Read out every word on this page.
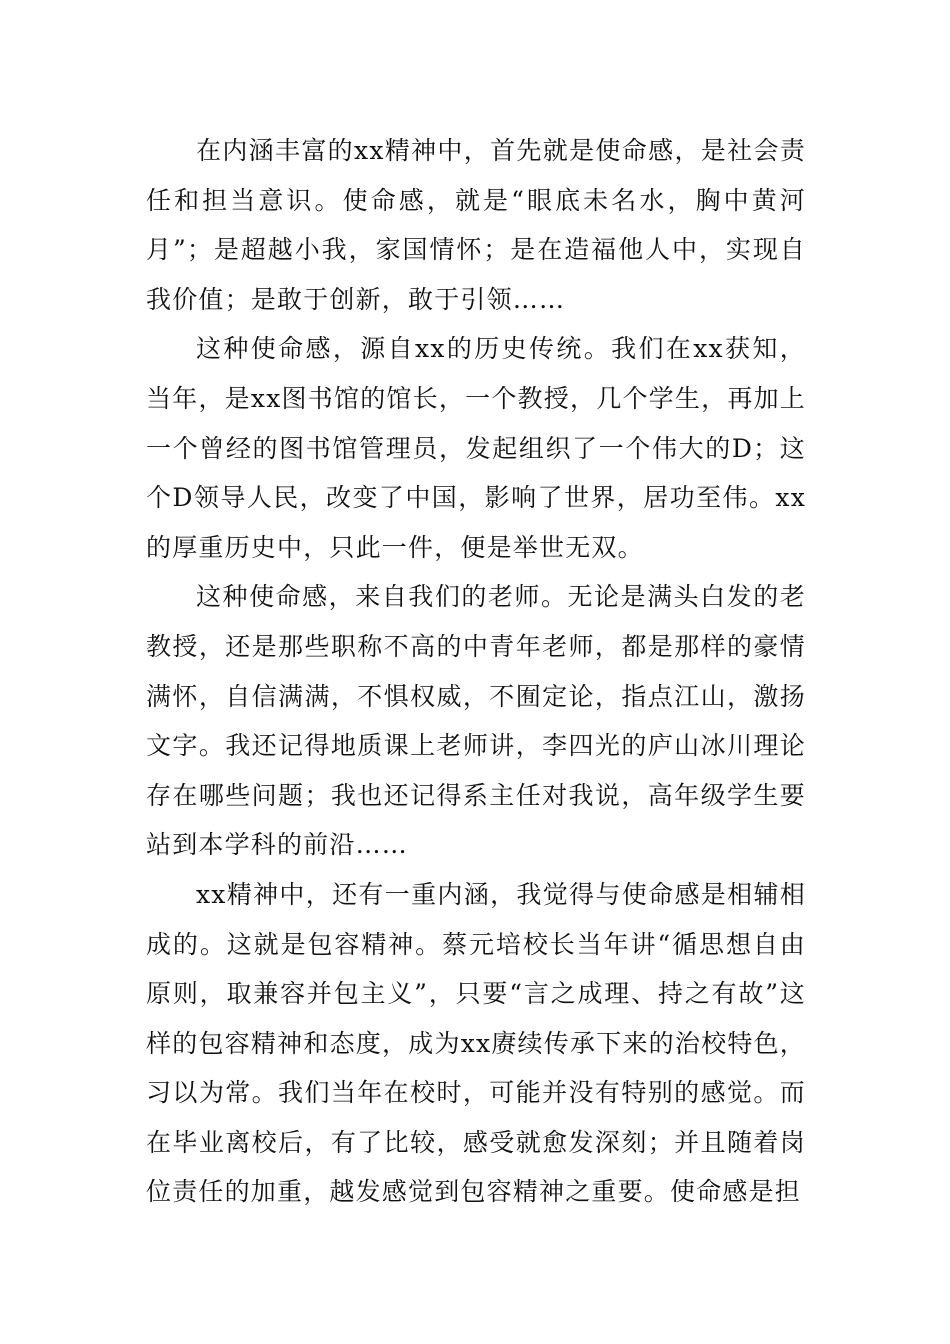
在内涵丰富的xx精神中，首先就是使命感，是社会责任和担当意识。使命感，就是“眼底未名水，胸中黄河月”；是超越小我，家国情怀；是在造福他人中，实现自我价值；是敢于创新，敢于引领……

这种使命感，源自xx的历史传统。我们在xx获知，当年，是xx图书馆的馆长，一个教授，几个学生，再加上一个曾经的图书馆管理员，发起组织了一个伟大的D；这个D领导人民，改变了中国，影响了世界，居功至伟。xx的厚重历史中，只此一件，便是举世无双。

这种使命感，来自我们的老师。无论是满头白发的老教授，还是那些职称不高的中青年老师，都是那样的豪情满怀，自信满满，不惧权威，不囿定论，指点江山，激扬文字。我还记得地质课上老师讲，李四光的庐山冰川理论存在哪些问题；我也还记得系主任对我说，高年级学生要站到本学科的前沿……

xx精神中，还有一重内涵，我觉得与使命感是相辅相成的。这就是包容精神。蔡元培校长当年讲“循思想自由原则，取兼容并包主义”，只要“言之成理、持之有故”这样的包容精神和态度，成为xx赓续传承下来的治校特色，习以为常。我们当年在校时，可能并没有特别的感觉。而在毕业离校后，有了比较，感受就愈发深刻；并且随着岗位责任的加重，越发感觉到包容精神之重要。使命感是担
